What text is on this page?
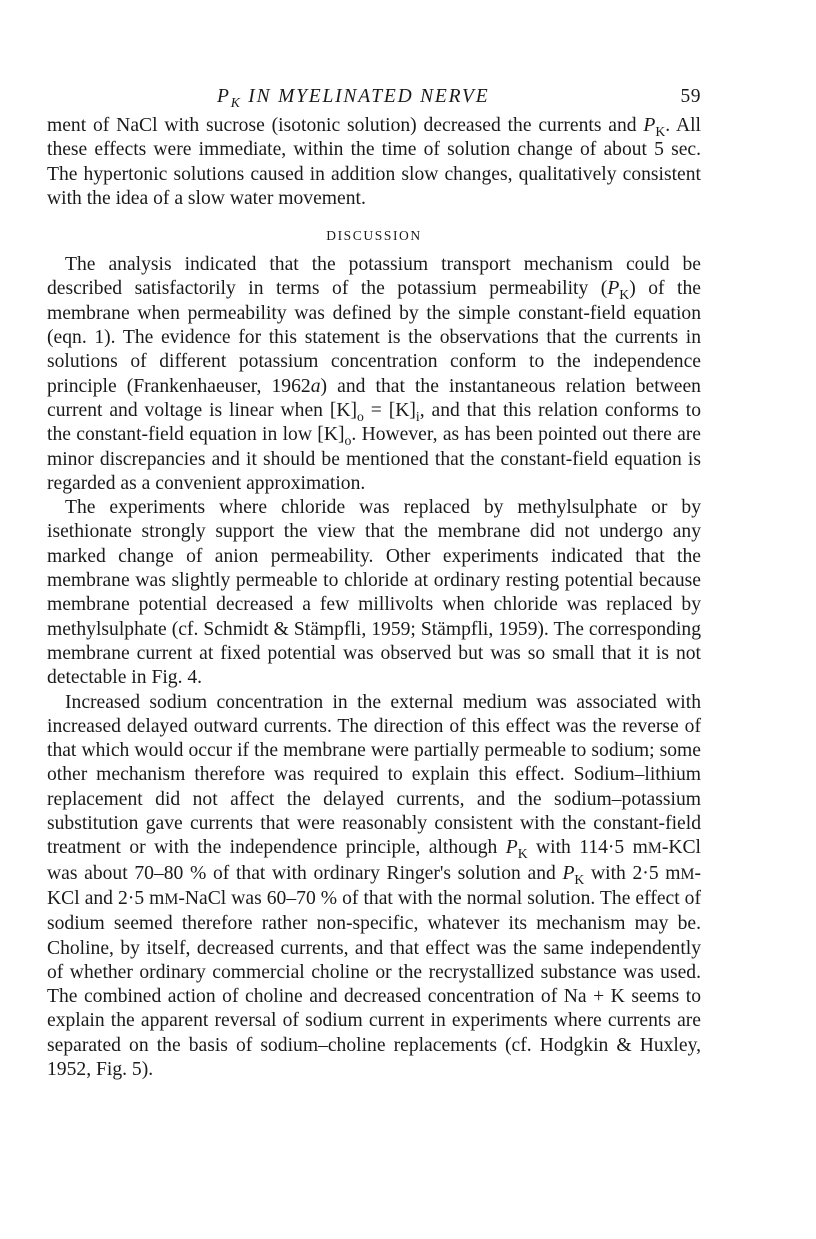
$P_K$ IN MYELINATED NERVE	59

ment of NaCl with sucrose (isotonic solution) decreased the currents and $P_K$. All these effects were immediate, within the time of solution change of about 5 sec. The hypertonic solutions caused in addition slow changes, qualitatively consistent with the idea of a slow water movement.

DISCUSSION

The analysis indicated that the potassium transport mechanism could be described satisfactorily in terms of the potassium permeability $(P_K)$ of the membrane when permeability was defined by the simple constant-field equation (eqn. 1). The evidence for this statement is the observations that the currents in solutions of different potassium concentration conform to the independence principle (Frankenhaeuser, 1962a) and that the instantaneous relation between current and voltage is linear when $[K]_o = [K]_i$, and that this relation conforms to the constant-field equation in low $[K]_o$. However, as has been pointed out there are minor discrepancies and it should be mentioned that the constant-field equation is regarded as a convenient approximation.

The experiments where chloride was replaced by methylsulphate or by isethionate strongly support the view that the membrane did not undergo any marked change of anion permeability. Other experiments indicated that the membrane was slightly permeable to chloride at ordinary resting potential because membrane potential decreased a few millivolts when chloride was replaced by methylsulphate (cf. Schmidt & Stämpfli, 1959; Stämpfli, 1959). The corresponding membrane current at fixed potential was observed but was so small that it is not detectable in Fig. 4.

Increased sodium concentration in the external medium was associated with increased delayed outward currents. The direction of this effect was the reverse of that which would occur if the membrane were partially permeable to sodium; some other mechanism therefore was required to explain this effect. Sodium–lithium replacement did not affect the delayed currents, and the sodium–potassium substitution gave currents that were reasonably consistent with the constant-field treatment or with the independence principle, although $P_K$ with 114·5 mM-KCl was about 70–80 % of that with ordinary Ringer's solution and $P_K$ with 2·5 mM-KCl and 2·5 mM-NaCl was 60–70 % of that with the normal solution. The effect of sodium seemed therefore rather non-specific, whatever its mechanism may be. Choline, by itself, decreased currents, and that effect was the same independently of whether ordinary commercial choline or the recrystallized substance was used. The combined action of choline and decreased concentration of Na + K seems to explain the apparent reversal of sodium current in experiments where currents are separated on the basis of sodium–choline replacements (cf. Hodgkin & Huxley, 1952, Fig. 5).
